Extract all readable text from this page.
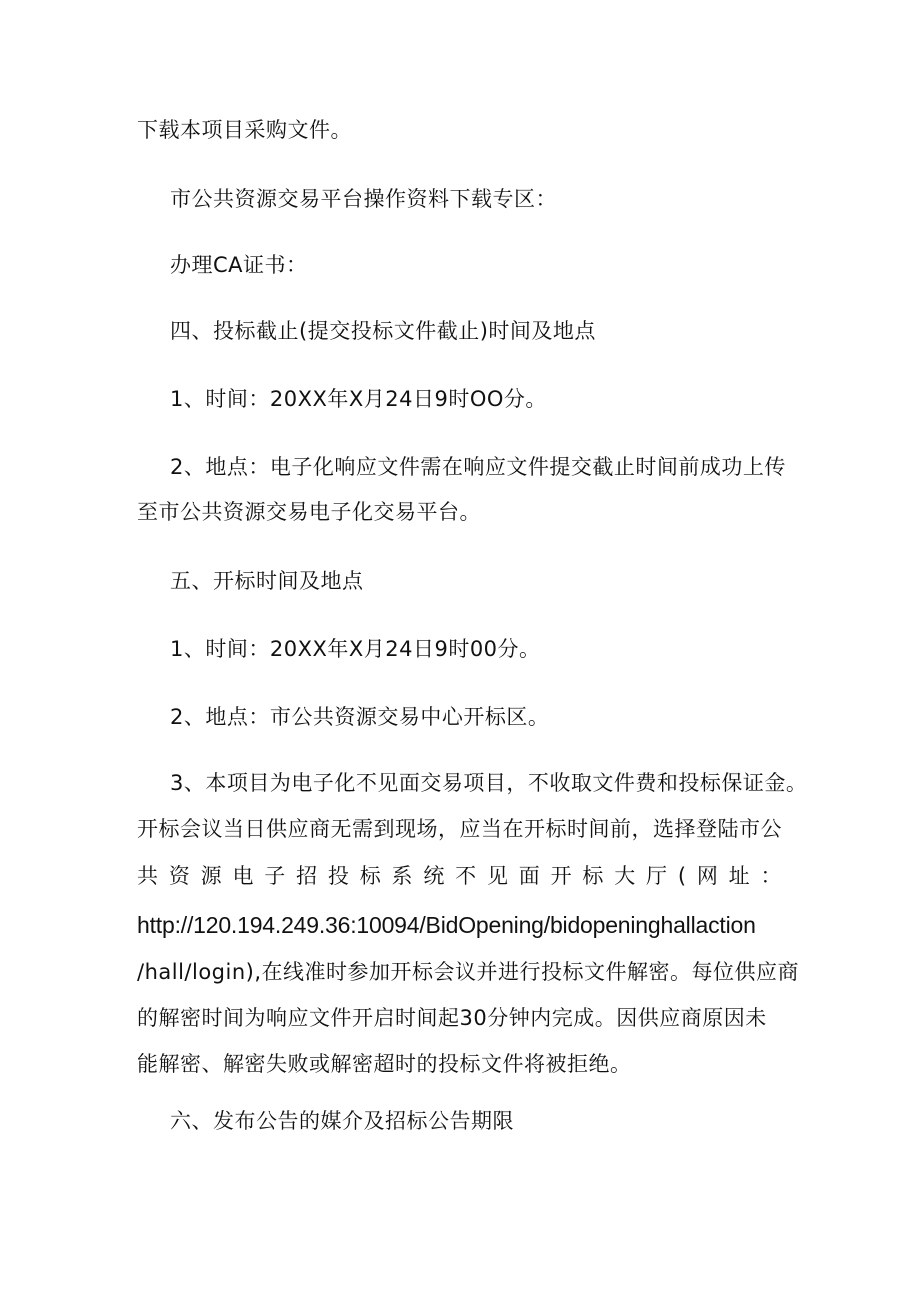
下载本项目采购文件。
市公共资源交易平台操作资料下载专区：
办理CA证书：
四、投标截止(提交投标文件截止)时间及地点
1、时间：20XX年X月24日9时OO分。
2、地点：电子化响应文件需在响应文件提交截止时间前成功上传
至市公共资源交易电子化交易平台。
五、开标时间及地点
1、时间：20XX年X月24日9时00分。
2、地点：市公共资源交易中心开标区。
3、本项目为电子化不见面交易项目，不收取文件费和投标保证金。
开标会议当日供应商无需到现场，应当在开标时间前，选择登陆市公
共资源电子招投标系统不见面开标大厅(网址：
http://120.194.249.36:10094/BidOpening/bidopeninghallaction
/hall/login),在线准时参加开标会议并进行投标文件解密。每位供应商
的解密时间为响应文件开启时间起30分钟内完成。因供应商原因未
能解密、解密失败或解密超时的投标文件将被拒绝。
六、发布公告的媒介及招标公告期限
